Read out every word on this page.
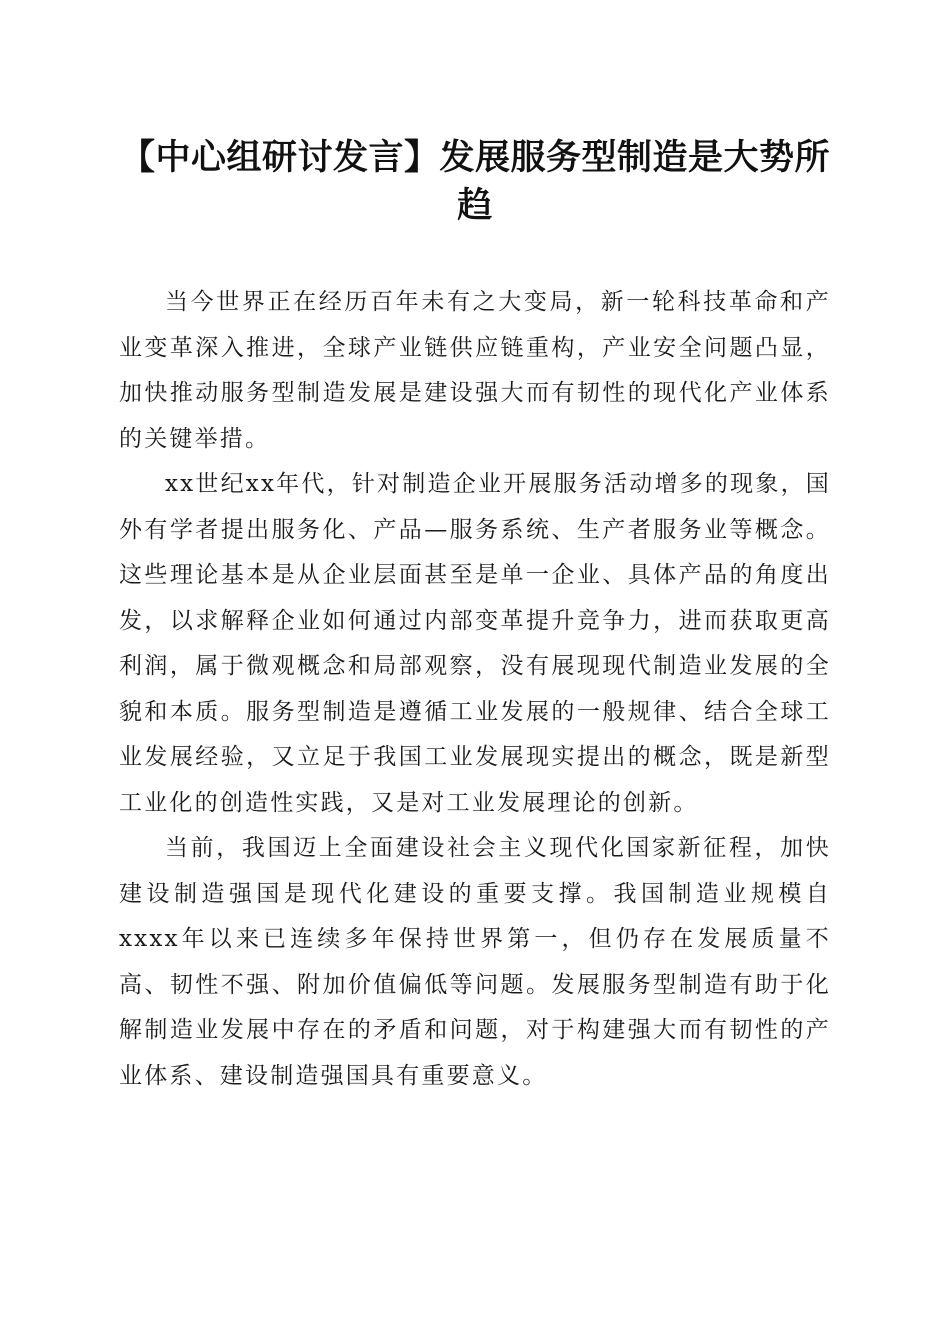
【中心组研讨发言】发展服务型制造是大势所趋

当今世界正在经历百年未有之大变局，新一轮科技革命和产业变革深入推进，全球产业链供应链重构，产业安全问题凸显，加快推动服务型制造发展是建设强大而有韧性的现代化产业体系的关键举措。

xx世纪xx年代，针对制造企业开展服务活动增多的现象，国外有学者提出服务化、产品—服务系统、生产者服务业等概念。这些理论基本是从企业层面甚至是单一企业、具体产品的角度出发，以求解释企业如何通过内部变革提升竞争力，进而获取更高利润，属于微观概念和局部观察，没有展现现代制造业发展的全貌和本质。服务型制造是遵循工业发展的一般规律、结合全球工业发展经验，又立足于我国工业发展现实提出的概念，既是新型工业化的创造性实践，又是对工业发展理论的创新。

当前，我国迈上全面建设社会主义现代化国家新征程，加快建设制造强国是现代化建设的重要支撑。我国制造业规模自xxxx年以来已连续多年保持世界第一，但仍存在发展质量不高、韧性不强、附加价值偏低等问题。发展服务型制造有助于化解制造业发展中存在的矛盾和问题，对于构建强大而有韧性的产业体系、建设制造强国具有重要意义。
